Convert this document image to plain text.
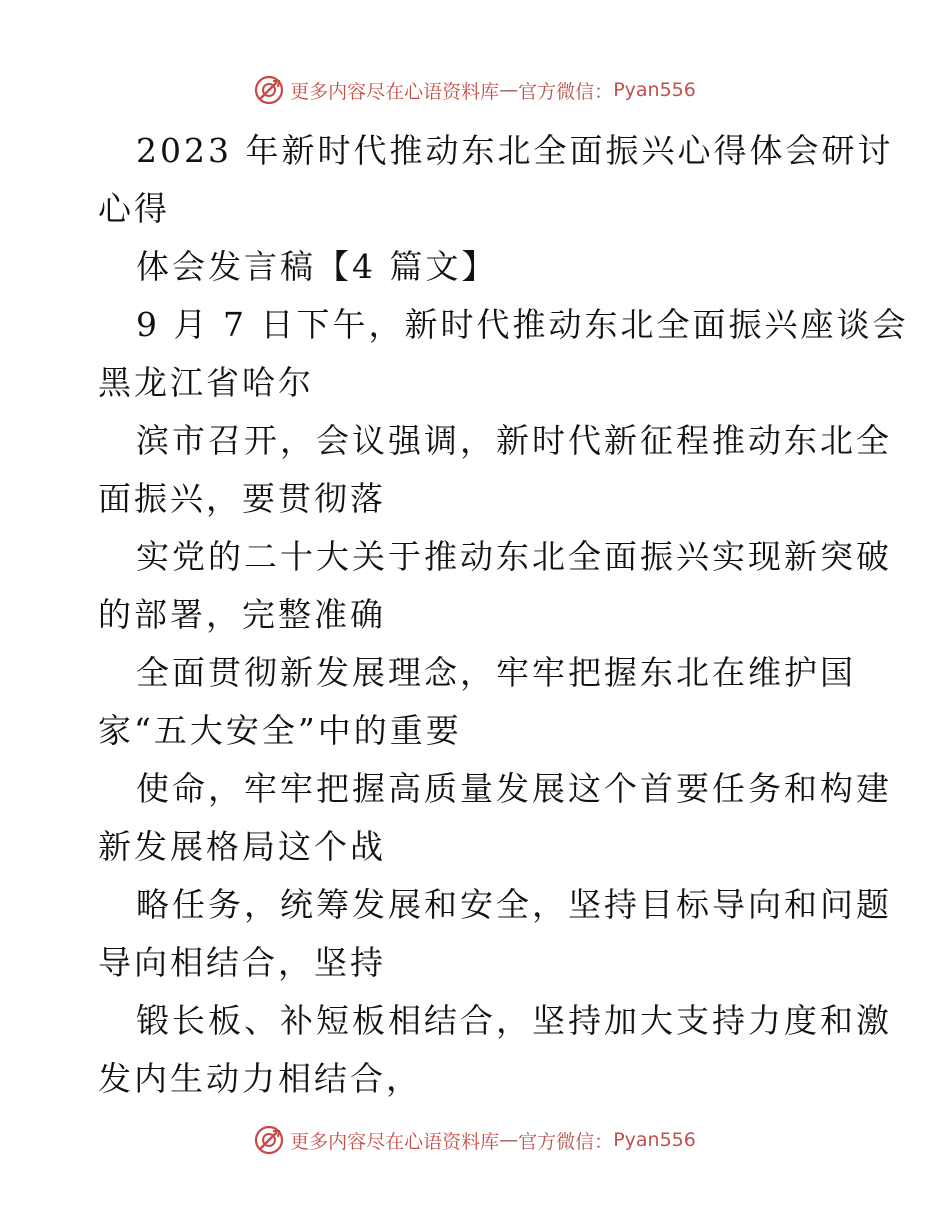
更多内容尽在心语资料库 — 官方微信： Pyan556
2023 年新时代推动东北全面振兴心得体会研讨
心得
体会发言稿【4 篇文】
9 月 7 日下午，新时代推动东北全面振兴座谈会
黑龙江省哈尔
滨市召开，会议强调，新时代新征程推动东北全
面振兴，要贯彻落
实党的二十大关于推动东北全面振兴实现新突破
的部署，完整准确
全面贯彻新发展理念，牢牢把握东北在维护国
家“五大安全”中的重要
使命，牢牢把握高质量发展这个首要任务和构建
新发展格局这个战
略任务，统筹发展和安全，坚持目标导向和问题
导向相结合，坚持
锻长板、补短板相结合，坚持加大支持力度和激
发内生动力相结合，
更多内容尽在心语资料库 — 官方微信： Pyan556
